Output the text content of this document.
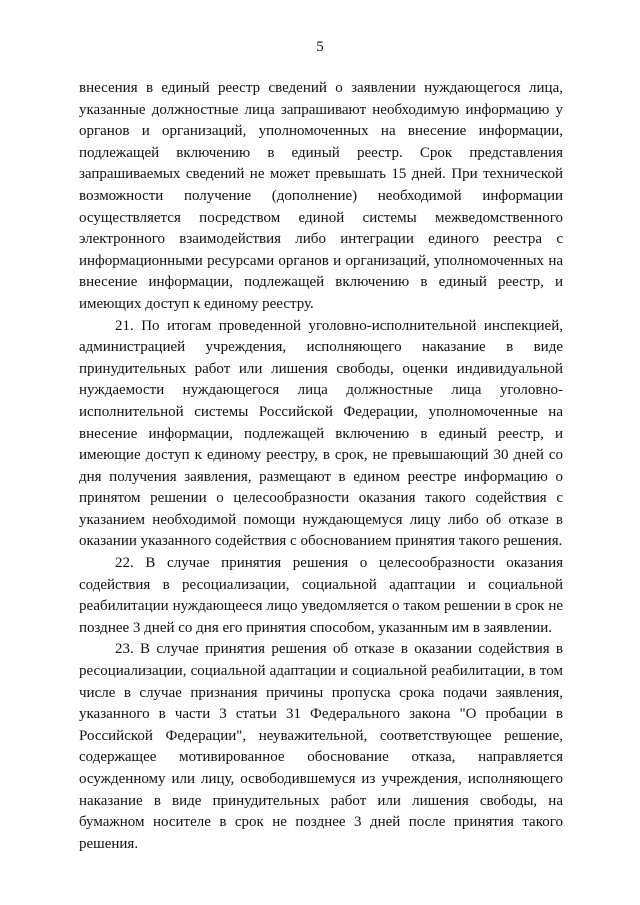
5

внесения в единый реестр сведений о заявлении нуждающегося лица, указанные должностные лица запрашивают необходимую информацию у органов и организаций, уполномоченных на внесение информации, подлежащей включению в единый реестр. Срок представления запрашиваемых сведений не может превышать 15 дней. При технической возможности получение (дополнение) необходимой информации осуществляется посредством единой системы межведомственного электронного взаимодействия либо интеграции единого реестра с информационными ресурсами органов и организаций, уполномоченных на внесение информации, подлежащей включению в единый реестр, и имеющих доступ к единому реестру.

21. По итогам проведенной уголовно-исполнительной инспекцией, администрацией учреждения, исполняющего наказание в виде принудительных работ или лишения свободы, оценки индивидуальной нуждаемости нуждающегося лица должностные лица уголовно-исполнительной системы Российской Федерации, уполномоченные на внесение информации, подлежащей включению в единый реестр, и имеющие доступ к единому реестру, в срок, не превышающий 30 дней со дня получения заявления, размещают в едином реестре информацию о принятом решении о целесообразности оказания такого содействия с указанием необходимой помощи нуждающемуся лицу либо об отказе в оказании указанного содействия с обоснованием принятия такого решения.

22. В случае принятия решения о целесообразности оказания содействия в ресоциализации, социальной адаптации и социальной реабилитации нуждающееся лицо уведомляется о таком решении в срок не позднее 3 дней со дня его принятия способом, указанным им в заявлении.

23. В случае принятия решения об отказе в оказании содействия в ресоциализации, социальной адаптации и социальной реабилитации, в том числе в случае признания причины пропуска срока подачи заявления, указанного в части 3 статьи 31 Федерального закона "О пробации в Российской Федерации", неуважительной, соответствующее решение, содержащее мотивированное обоснование отказа, направляется осужденному или лицу, освободившемуся из учреждения, исполняющего наказание в виде принудительных работ или лишения свободы, на бумажном носителе в срок не позднее 3 дней после принятия такого решения.
